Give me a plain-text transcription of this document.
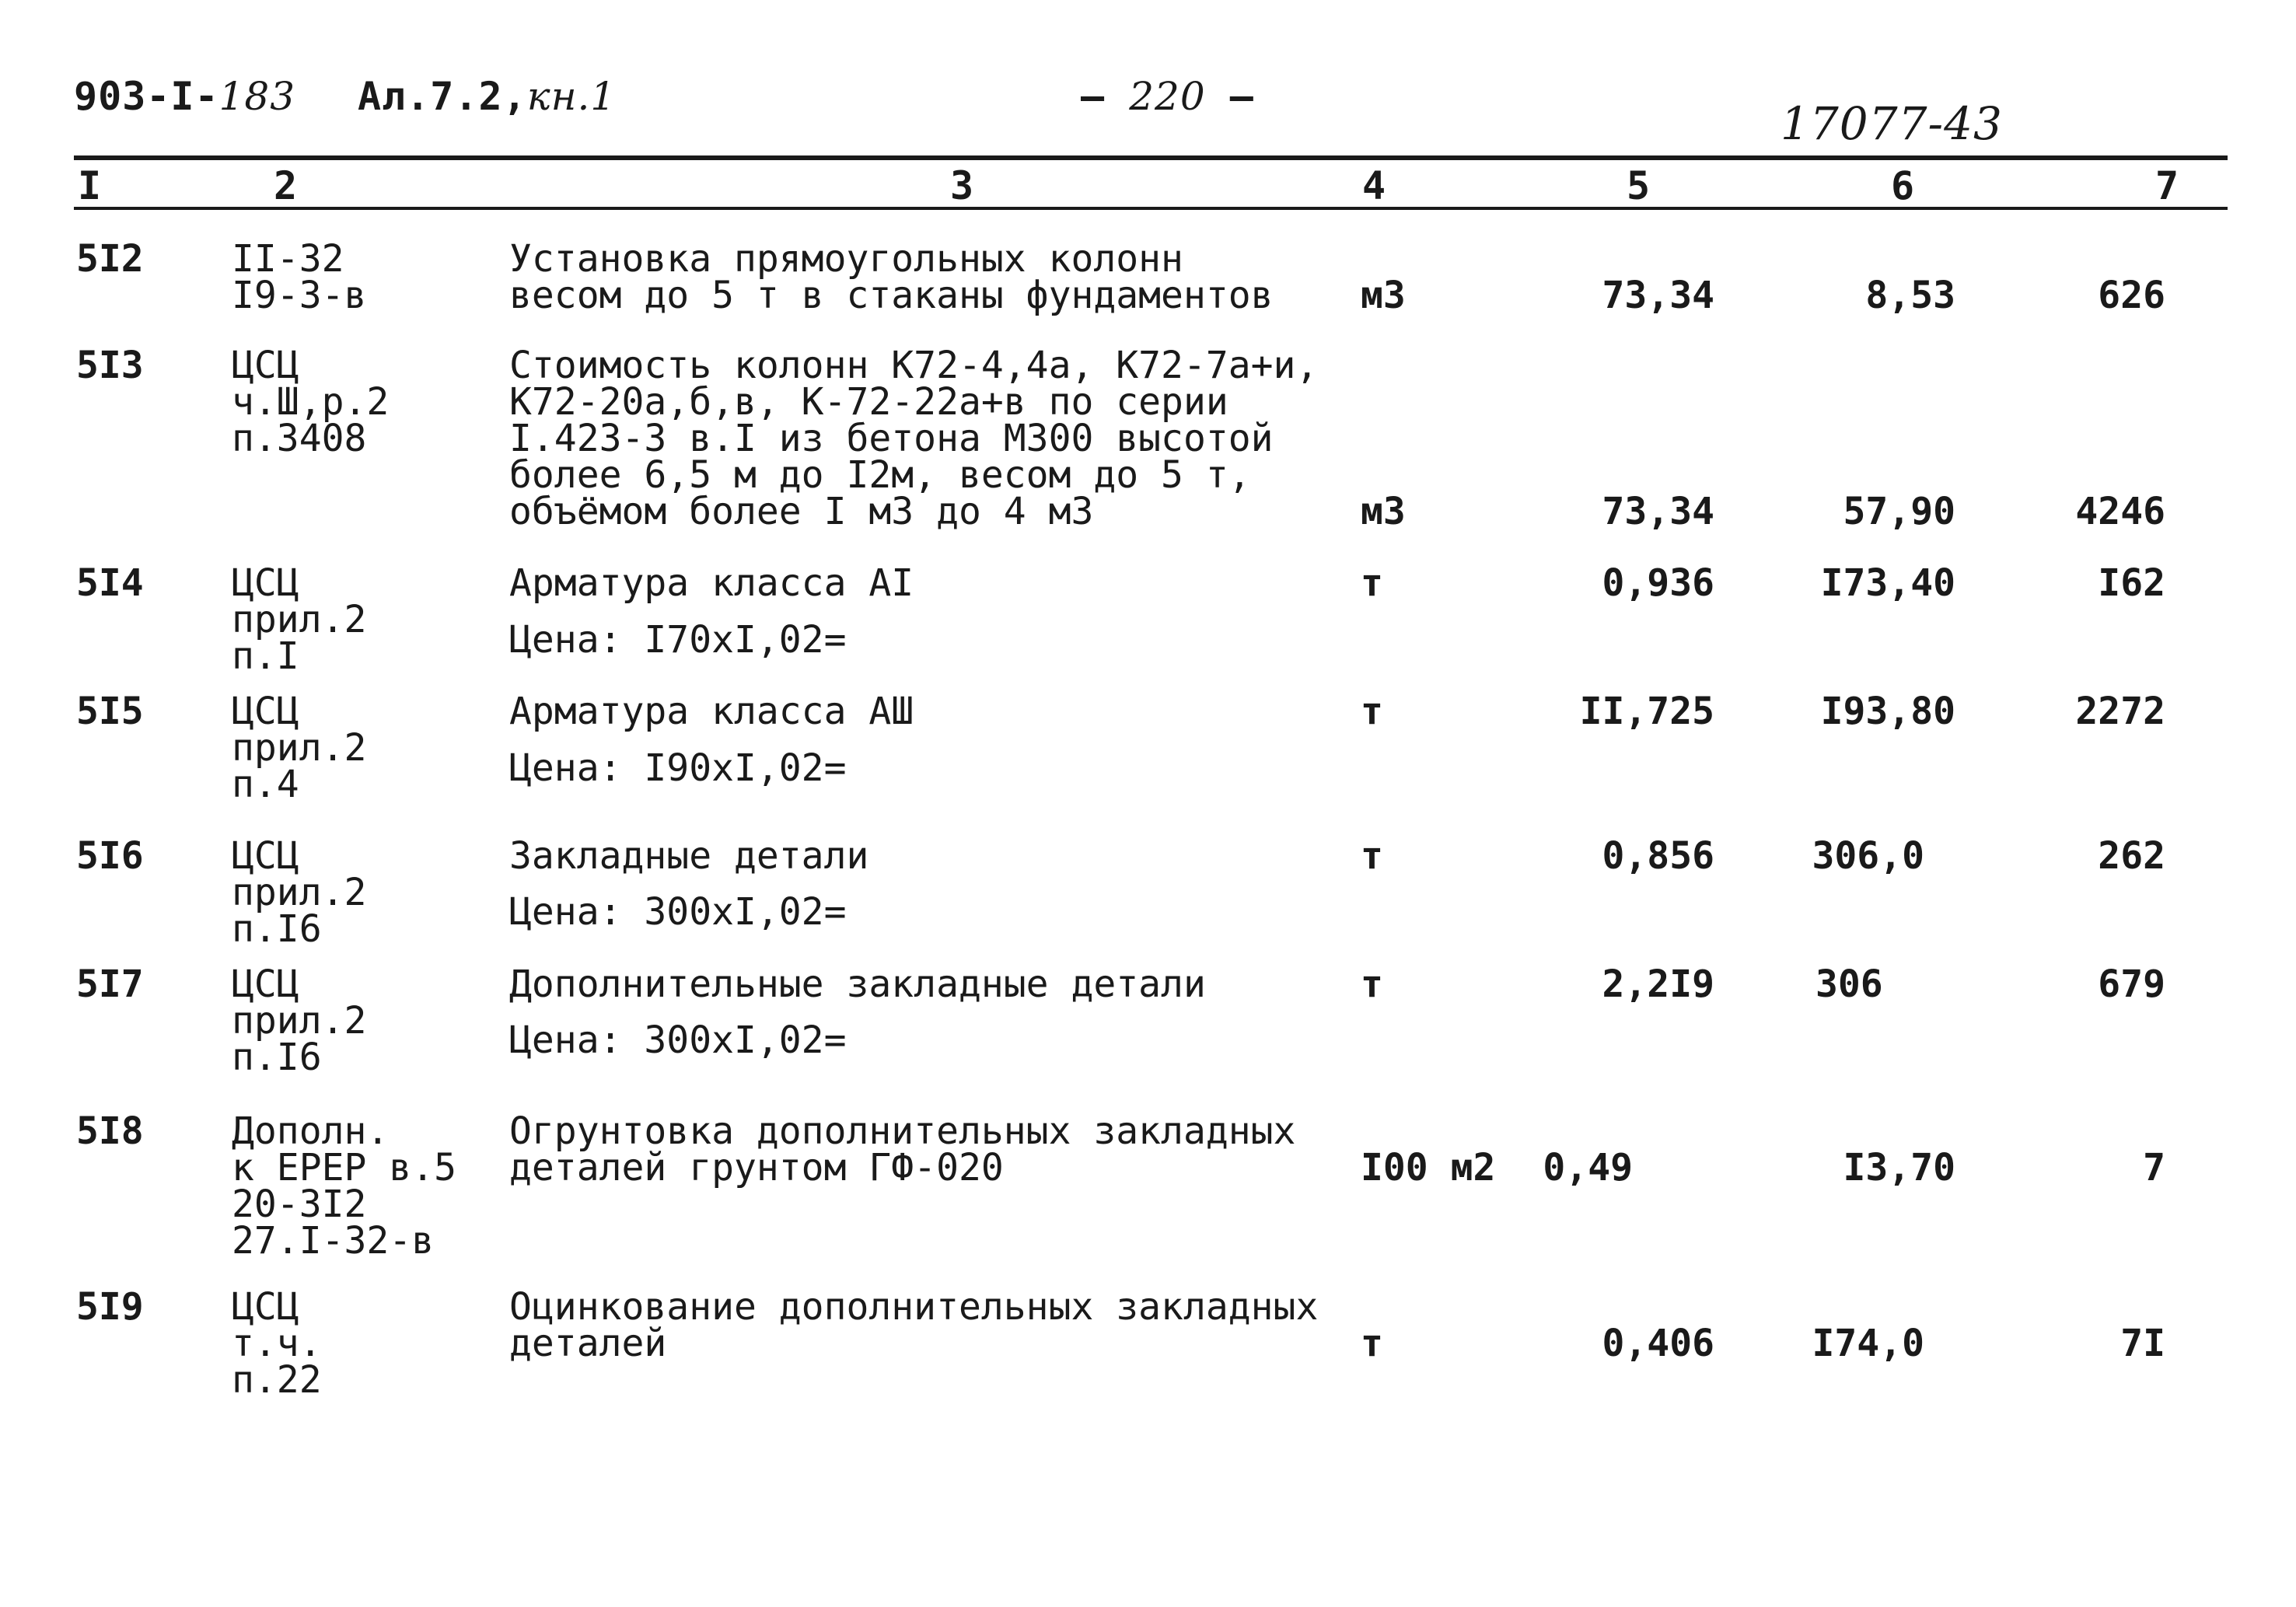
903-I-183 Ал.7.2,кн.1	– 220 –
17077-43
I	2	3	4	5	6	7
5I2 II-32
I9-3-в
Установка прямоугольных колонн
весом до 5 т в стаканы фундаментов м3	73,34	8,53	626
5I3 ЦСЦ
ч.Ш,р.2
п.3408
Стоимость колонн К72-4,4а, К72-7а+и,
К72-20а,б,в, К-72-22а+в по серии
I.423-3 в.I из бетона М300 высотой
более 6,5 м до I2м, весом до 5 т,
объёмом более I м3 до 4 м3	м3	73,34	57,90	4246
5I4 ЦСЦ
прил.2
п.I
Арматура класса АI
Цена: I70хI,02=
т	0,936	I73,40	I62
5I5 ЦСЦ
прил.2
п.4
Арматура класса АШ
Цена: I90хI,02=
т	II,725	I93,80	2272
5I6 ЦСЦ
прил.2
п.I6
Закладные детали
Цена: 300хI,02=
т	0,856	306,0	262
5I7 ЦСЦ
прил.2
п.I6
Дополнительные закладные детали
Цена: 300хI,02=
т	2,2I9	306	679
5I8 Дополн.
к ЕРЕР в.5
20-3I2
27.I-32-в
Огрунтовка дополнительных закладных
деталей грунтом ГФ-020	I00 м2	0,49	I3,70	7
5I9 ЦСЦ
т.ч.
п.22
Оцинкование дополнительных закладных
деталей	т	0,406	I74,0	7I
